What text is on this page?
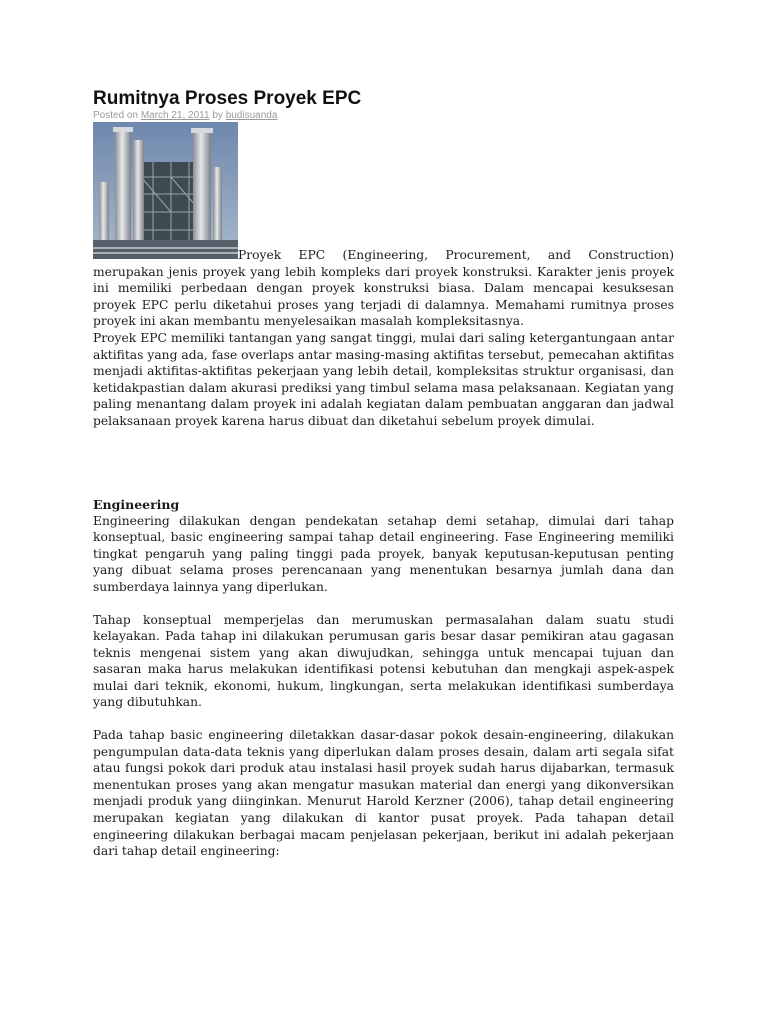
Rumitnya Proses Proyek EPC

Posted on March 21, 2011 by budisuanda

Proyek EPC (Engineering, Procurement, and Construction) merupakan jenis proyek yang lebih kompleks dari proyek konstruksi. Karakter jenis proyek ini memiliki perbedaan dengan proyek konstruksi biasa. Dalam mencapai kesuksesan proyek EPC perlu diketahui proses yang terjadi di dalamnya. Memahami rumitnya proses proyek ini akan membantu menyelesaikan masalah kompleksitasnya.

Proyek EPC memiliki tantangan yang sangat tinggi, mulai dari saling ketergantungaan antar aktifitas yang ada, fase overlaps antar masing-masing aktifitas tersebut, pemecahan aktifitas menjadi aktifitas-aktifitas pekerjaan yang lebih detail, kompleksitas struktur organisasi, dan ketidakpastian dalam akurasi prediksi yang timbul selama masa pelaksanaan. Kegiatan yang paling menantang dalam proyek ini adalah kegiatan dalam pembuatan anggaran dan jadwal pelaksanaan proyek karena harus dibuat dan diketahui sebelum proyek dimulai.

Engineering

Engineering dilakukan dengan pendekatan setahap demi setahap, dimulai dari tahap konseptual, basic engineering sampai tahap detail engineering. Fase Engineering memiliki tingkat pengaruh yang paling tinggi pada proyek, banyak keputusan-keputusan penting yang dibuat selama proses perencanaan yang menentukan besarnya jumlah dana dan sumberdaya lainnya yang diperlukan.

Tahap konseptual memperjelas dan merumuskan permasalahan dalam suatu studi kelayakan. Pada tahap ini dilakukan perumusan garis besar dasar pemikiran atau gagasan teknis mengenai sistem yang akan diwujudkan, sehingga untuk mencapai tujuan dan sasaran maka harus melakukan identifikasi potensi kebutuhan dan mengkaji aspek-aspek mulai dari teknik, ekonomi, hukum, lingkungan, serta melakukan identifikasi sumberdaya yang dibutuhkan.

Pada tahap basic engineering diletakkan dasar-dasar pokok desain-engineering, dilakukan pengumpulan data-data teknis yang diperlukan dalam proses desain, dalam arti segala sifat atau fungsi pokok dari produk atau instalasi hasil proyek sudah harus dijabarkan, termasuk menentukan proses yang akan mengatur masukan material dan energi yang dikonversikan menjadi produk yang diinginkan. Menurut Harold Kerzner (2006), tahap detail engineering merupakan kegiatan yang dilakukan di kantor pusat proyek. Pada tahapan detail engineering dilakukan berbagai macam penjelasan pekerjaan, berikut ini adalah pekerjaan dari tahap detail engineering:
